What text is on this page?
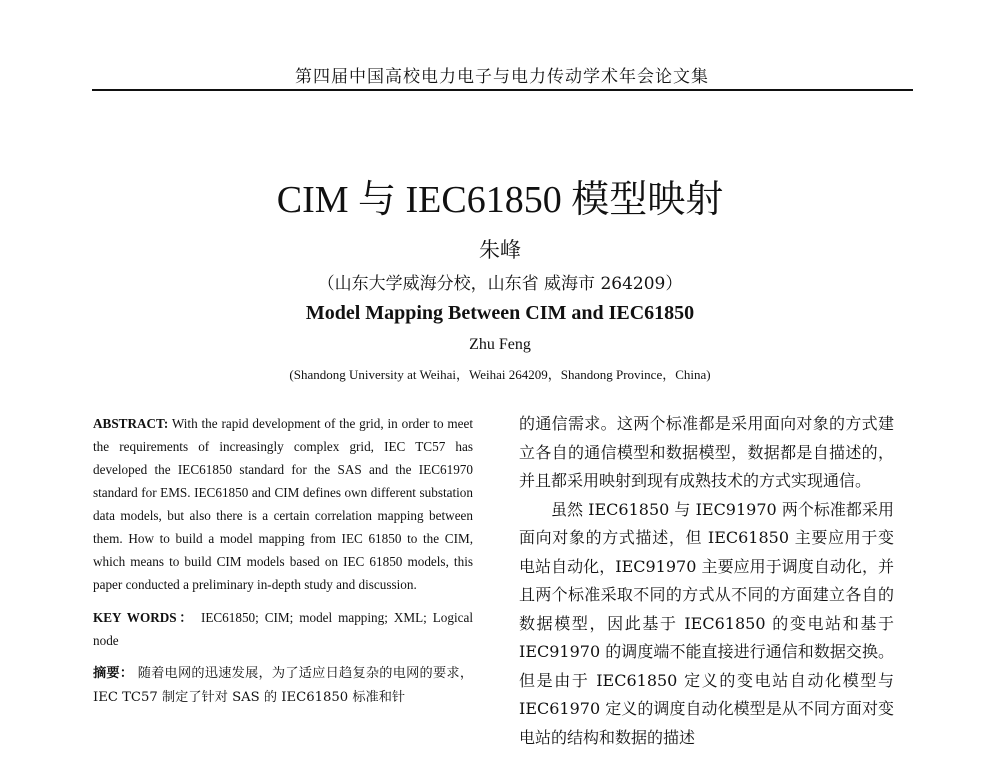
第四届中国高校电力电子与电力传动学术年会论文集
CIM 与 IEC61850 模型映射
朱峰
（山东大学威海分校，山东省 威海市 264209）
Model Mapping Between CIM and IEC61850
Zhu Feng
(Shandong University at Weihai，Weihai 264209，Shandong Province，China)
ABSTRACT: With the rapid development of the grid, in order to meet the requirements of increasingly complex grid, IEC TC57 has developed the IEC61850 standard for the SAS and the IEC61970 standard for EMS. IEC61850 and CIM defines own different substation data models, but also there is a certain correlation mapping between them. How to build a model mapping from IEC 61850 to the CIM, which means to build CIM models based on IEC 61850 models, this paper conducted a preliminary in-depth study and discussion.
KEY WORDS： IEC61850; CIM; model mapping; XML; Logical node
摘要： 随着电网的迅速发展，为了适应日趋复杂的电网的要求，IEC TC57 制定了针对 SAS 的 IEC61850 标准和针

的通信需求。这两个标准都是采用面向对象的方式建立各自的通信模型和数据模型，数据都是自描述的，并且都采用映射到现有成熟技术的方式实现通信。

虽然 IEC61850 与 IEC91970 两个标准都采用面向对象的方式描述，但 IEC61850 主要应用于变电站自动化，IEC91970 主要应用于调度自动化，并且两个标准采取不同的方式从不同的方面建立各自的数据模型，因此基于 IEC61850 的变电站和基于 IEC91970 的调度端不能直接进行通信和数据交换。但是由于 IEC61850 定义的变电站自动化模型与 IEC61970 定义的调度自动化模型是从不同方面对变电站的结构和数据的描述
